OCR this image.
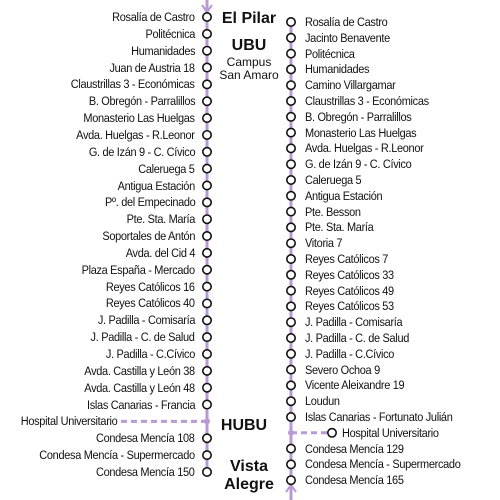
El Pilar
UBU
Campus
San Amaro
HUBU
Vista
Alegre
Rosalía de Castro
Politécnica
Humanidades
Juan de Austria 18
Claustrillas 3 - Económicas
B. Obregón - Parralillos
Monasterio Las Huelgas
Avda. Huelgas - R.Leonor
G. de Izán 9 - C. Cívico
Caleruega 5
Antigua Estación
Pº. del Empecinado
Pte. Sta. María
Soportales de Antón
Avda. del Cid 4
Plaza España - Mercado
Reyes Católicos 16
Reyes Católicos 40
J. Padilla - Comisaría
J. Padilla - C. de Salud
J. Padilla - C.Cívico
Avda. Castilla y León 38
Avda. Castilla y León 48
Islas Canarias - Francia
Hospital Universitario
Condesa Mencía 108
Condesa Mencía - Supermercado
Condesa Mencía 150
Rosalía de Castro
Jacinto Benavente
Politécnica
Humanidades
Camino Villargamar
Claustrillas 3 - Económicas
B. Obregón - Parralillos
Monasterio Las Huelgas
Avda. Huelgas - R.Leonor
G. de Izán 9 - C. Cívico
Caleruega 5
Antigua Estación
Pte. Besson
Pte. Sta. María
Vitoria 7
Reyes Católicos 7
Reyes Católicos 33
Reyes Católicos 49
Reyes Católicos 53
J. Padilla - Comisaría
J. Padilla - C. de Salud
J. Padilla - C.Cívico
Severo Ochoa 9
Vicente Aleixandre 19
Loudun
Islas Canarias - Fortunato Julián
Hospital Universitario
Condesa Mencía 129
Condesa Mencía - Supermercado
Condesa Mencía 165
